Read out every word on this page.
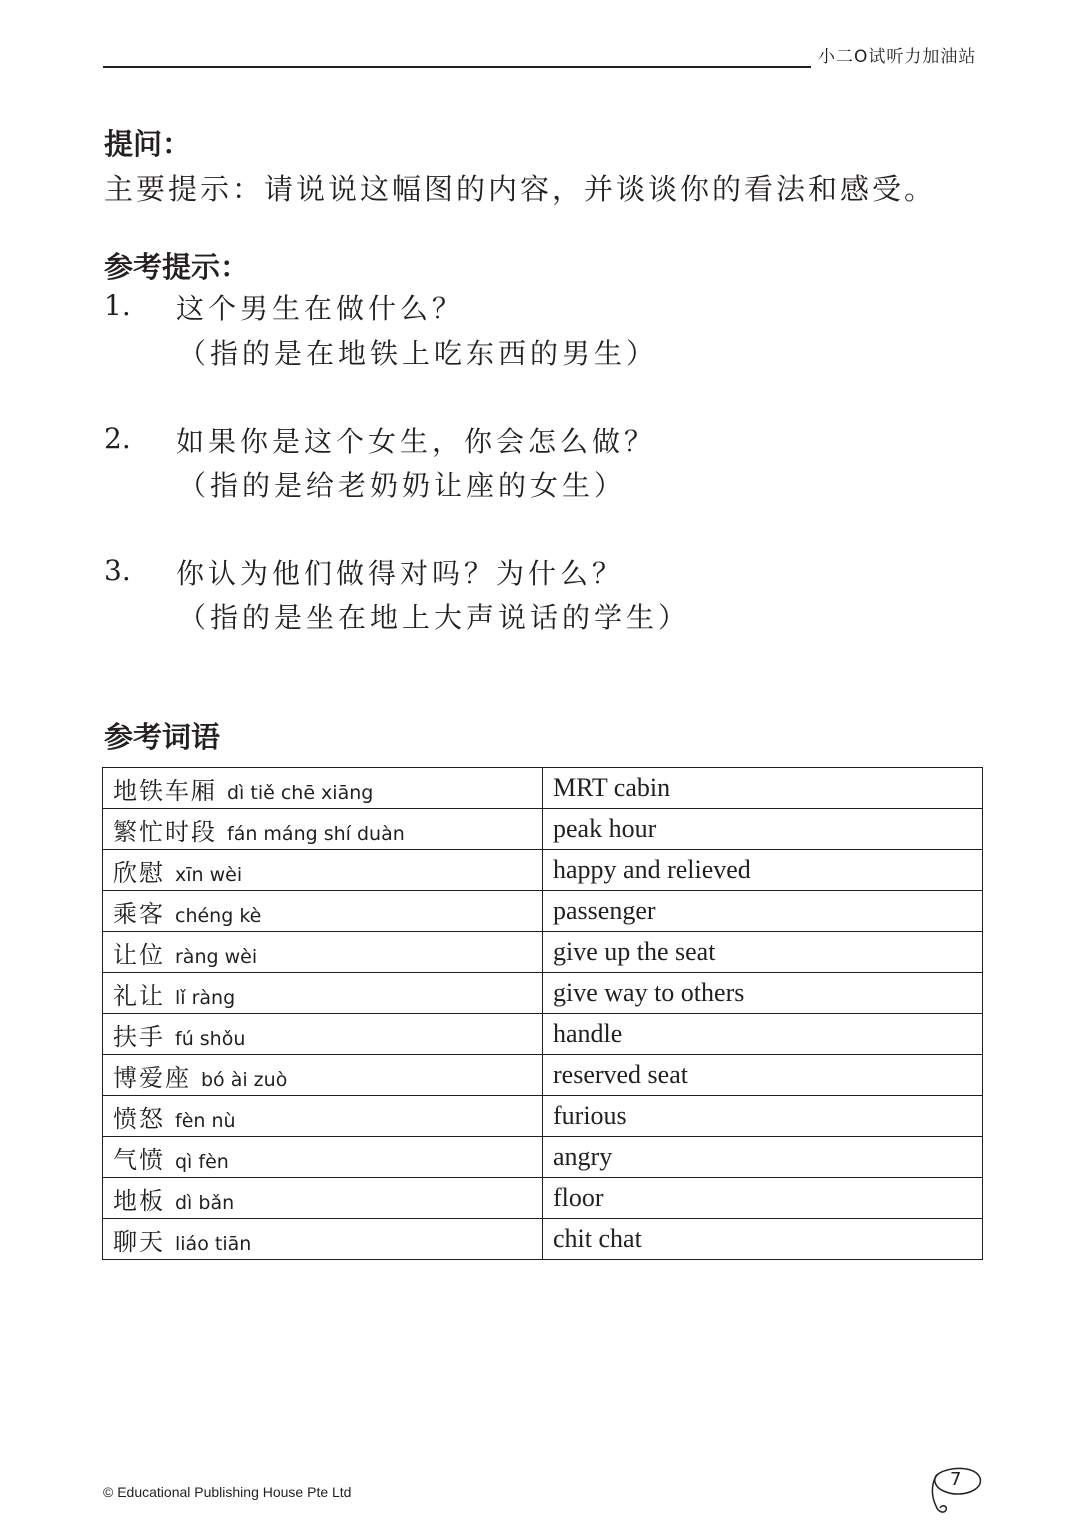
小二O试听力加油站
提问：
主要提示：请说说这幅图的内容，并谈谈你的看法和感受。
参考提示：
1. 这个男生在做什么？
（指的是在地铁上吃东西的男生）
2. 如果你是这个女生，你会怎么做？
（指的是给老奶奶让座的女生）
3. 你认为他们做得对吗？为什么？
（指的是坐在地上大声说话的学生）
参考词语
地铁车厢 dì tiě chē xiāng	MRT cabin
繁忙时段 fán máng shí duàn	peak hour
欣慰 xīn wèi	happy and relieved
乘客 chéng kè	passenger
让位 ràng wèi	give up the seat
礼让 lǐ ràng	give way to others
扶手 fú shǒu	handle
博爱座 bó ài zuò	reserved seat
愤怒 fèn nù	furious
气愤 qì fèn	angry
地板 dì bǎn	floor
聊天 liáo tiān	chit chat
© Educational Publishing House Pte Ltd
7
